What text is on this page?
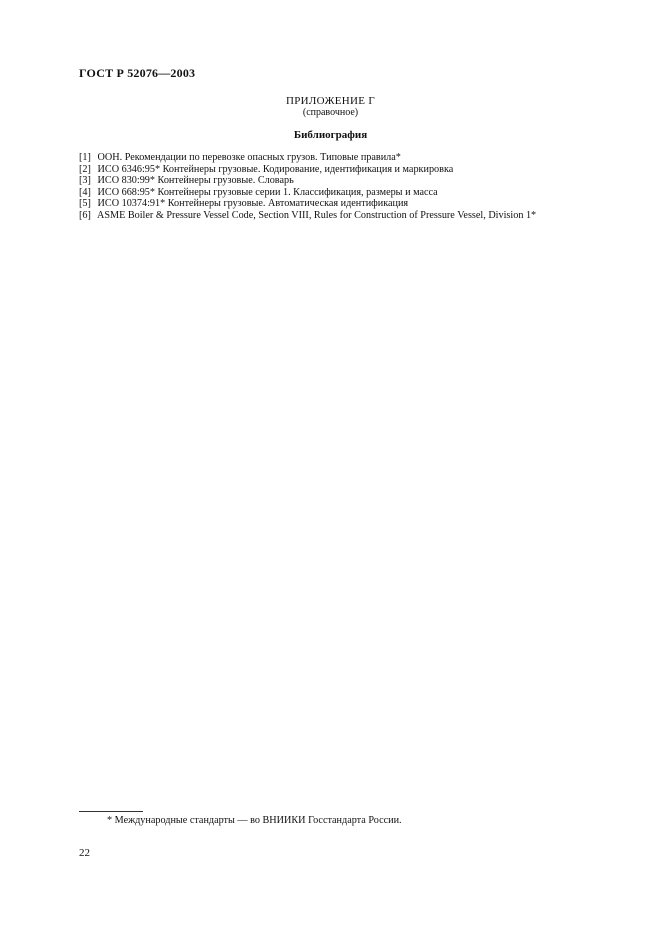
ГОСТ Р 52076—2003
ПРИЛОЖЕНИЕ Г
(справочное)
Библиография
[1] ООН. Рекомендации по перевозке опасных грузов. Типовые правила*
[2] ИСО 6346:95* Контейнеры грузовые. Кодирование, идентификация и маркировка
[3] ИСО 830:99* Контейнеры грузовые. Словарь
[4] ИСО 668:95* Контейнеры грузовые серии 1. Классификация, размеры и масса
[5] ИСО 10374:91* Контейнеры грузовые. Автоматическая идентификация
[6] ASME Boiler & Pressure Vessel Code, Section VIII, Rules for Construction of Pressure Vessel, Division 1*
* Международные стандарты — во ВНИИКИ Госстандарта России.
22
